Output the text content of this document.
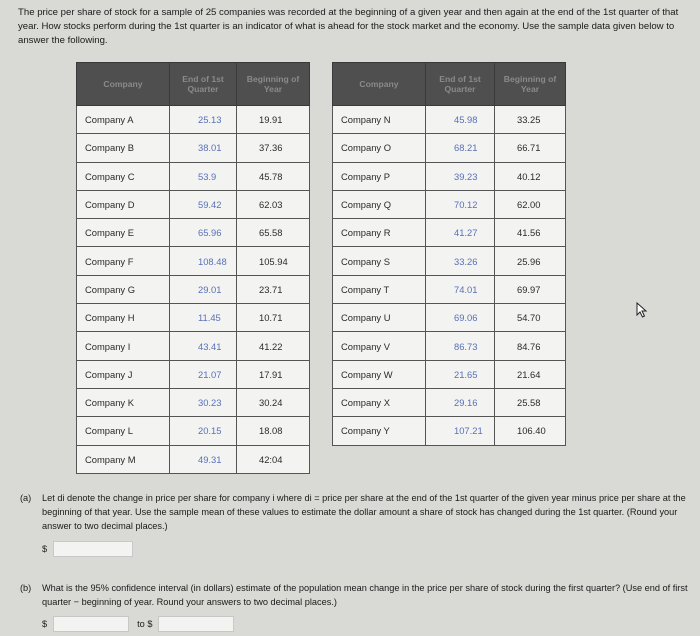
The price per share of stock for a sample of 25 companies was recorded at the beginning of a given year and then again at the end of the 1st quarter of that year. How stocks perform during the 1st quarter is an indicator of what is ahead for the stock market and the economy. Use the sample data given below to answer the following.
Company	End of 1st Quarter	Beginning of Year		Company	End of 1st Quarter	Beginning of Year
Company A	25.13	19.91		Company N	45.98	33.25
Company B	38.01	37.36		Company O	68.21	66.71
Company C	53.9	45.78		Company P	39.23	40.12
Company D	59.42	62.03		Company Q	70.12	62.00
Company E	65.96	65.58		Company R	41.27	41.56
Company F	108.48	105.94		Company S	33.26	25.96
Company G	29.01	23.71		Company T	74.01	69.97
Company H	11.45	10.71		Company U	69.06	54.70
Company I	43.41	41.22		Company V	86.73	84.76
Company J	21.07	17.91		Company W	21.65	21.64
Company K	30.23	30.24		Company X	29.16	25.58
Company L	20.15	18.08		Company Y	107.21	106.40
Company M	49.31	42:04				
(a) Let di denote the change in price per share for company i where di = price per share at the end of the 1st quarter of the given year minus price per share at the beginning of that year. Use the sample mean of these values to estimate the dollar amount a share of stock has changed during the 1st quarter. (Round your answer to two decimal places.)
$
(b) What is the 95% confidence interval (in dollars) estimate of the population mean change in the price per share of stock during the first quarter? (Use end of first quarter − beginning of year. Round your answers to two decimal places.)
$	to $
